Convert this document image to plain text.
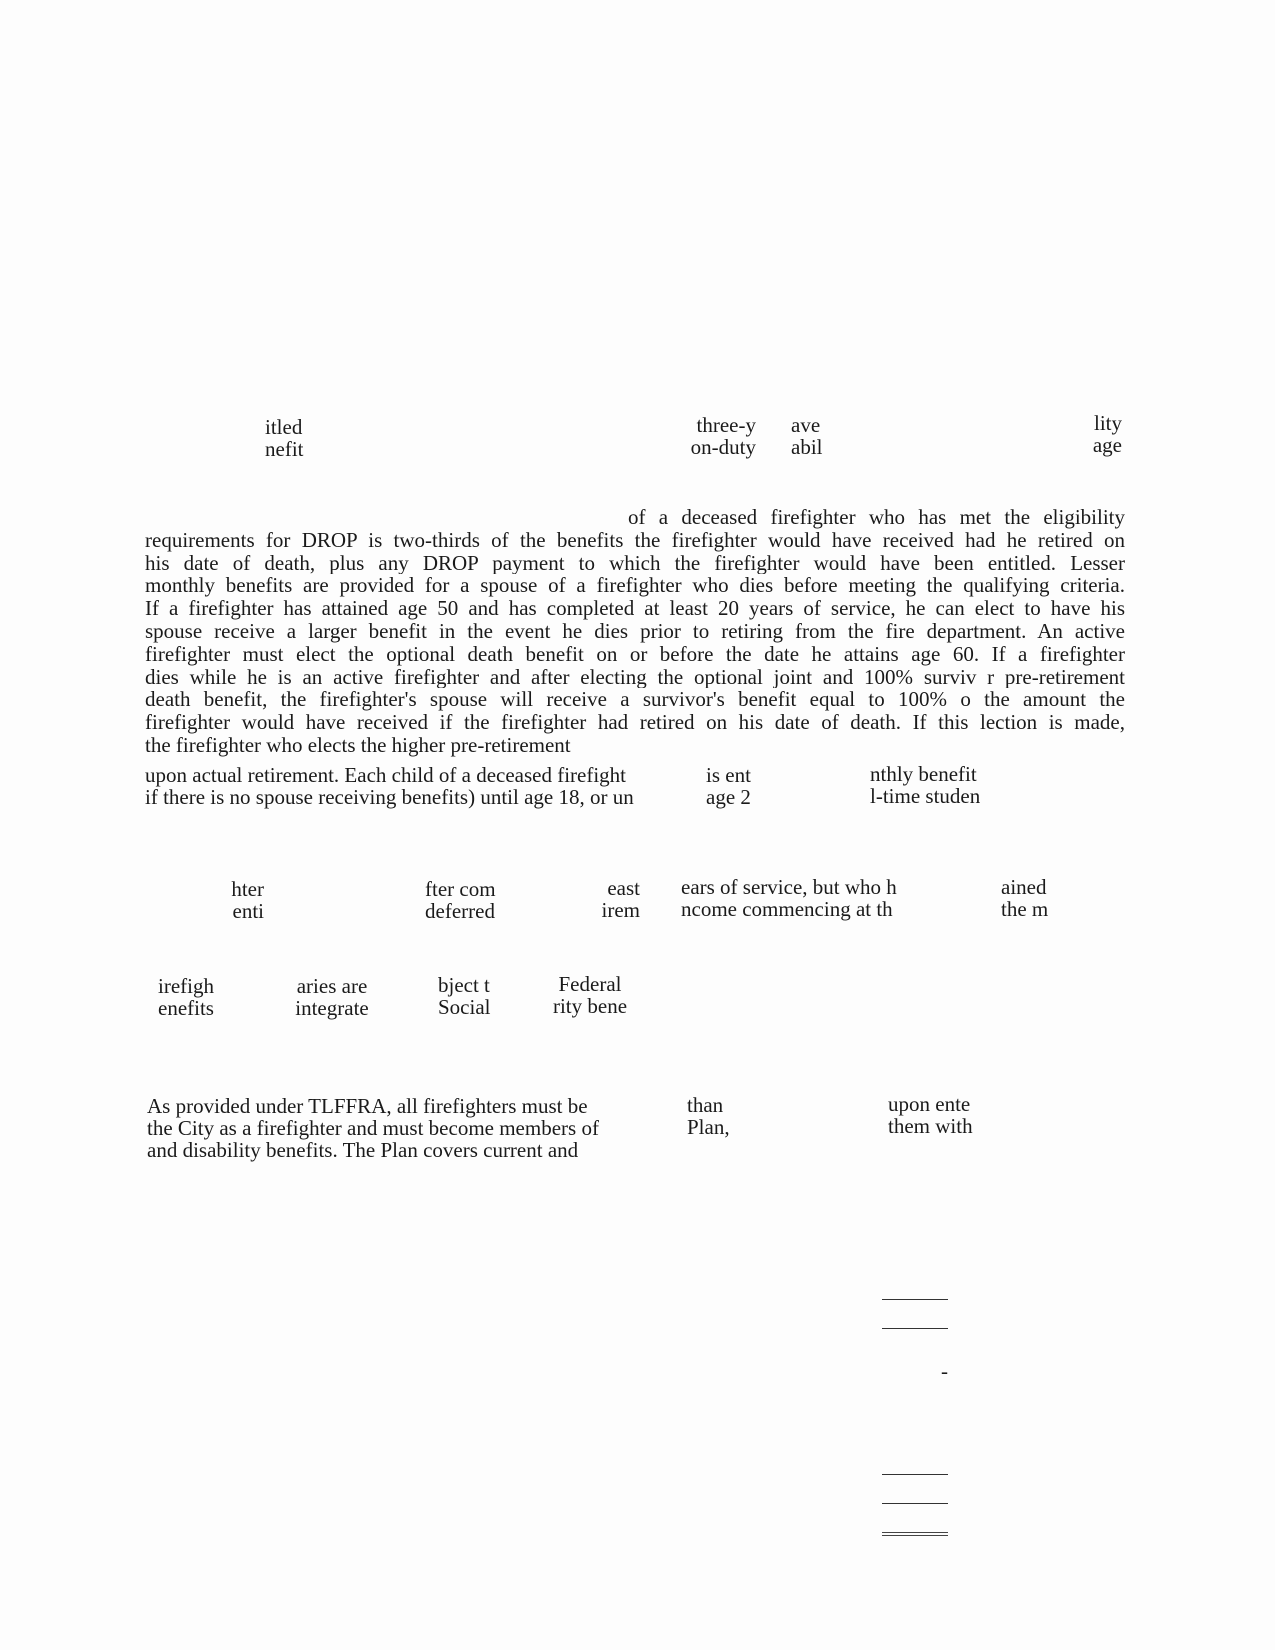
itled
nefit
three-y
on-duty
ave
abil
lity
age
of a deceased firefighter who has met the eligibility
requirements for DROP is two-thirds of the benefits the firefighter would have received had he retired on
his date of death, plus any DROP payment to which the firefighter would have been entitled. Lesser
monthly benefits are provided for a spouse of a firefighter who dies before meeting the qualifying criteria.
If a firefighter has attained age 50 and has completed at least 20 years of service, he can elect to have his
spouse receive a larger benefit in the event he dies prior to retiring from the fire department. An active
firefighter must elect the optional death benefit on or before the date he attains age 60. If a firefighter
dies while he is an active firefighter and after electing the optional joint and 100% surviv r pre-retirement
death benefit, the firefighter's spouse will receive a survivor's benefit equal to 100% o the amount the
firefighter would have received if the firefighter had retired on his date of death. If this lection is made,
the firefighter who elects the higher pre-retirement
upon actual retirement. Each child of a deceased firefight
if there is no spouse receiving benefits) until age 18, or un
is ent
age 2
nthly benefit
l-time studen
hter
enti
fter com
deferred
east
irem
ears of service, but who h
ncome commencing at th
ained
the m
irefigh
enefits
aries are
integrate
bject t
Social
Federal
rity bene
As provided under TLFFRA, all firefighters must be
the City as a firefighter and must become members of
and disability benefits. The Plan covers current and
than
Plan,
upon ente
them with
-
